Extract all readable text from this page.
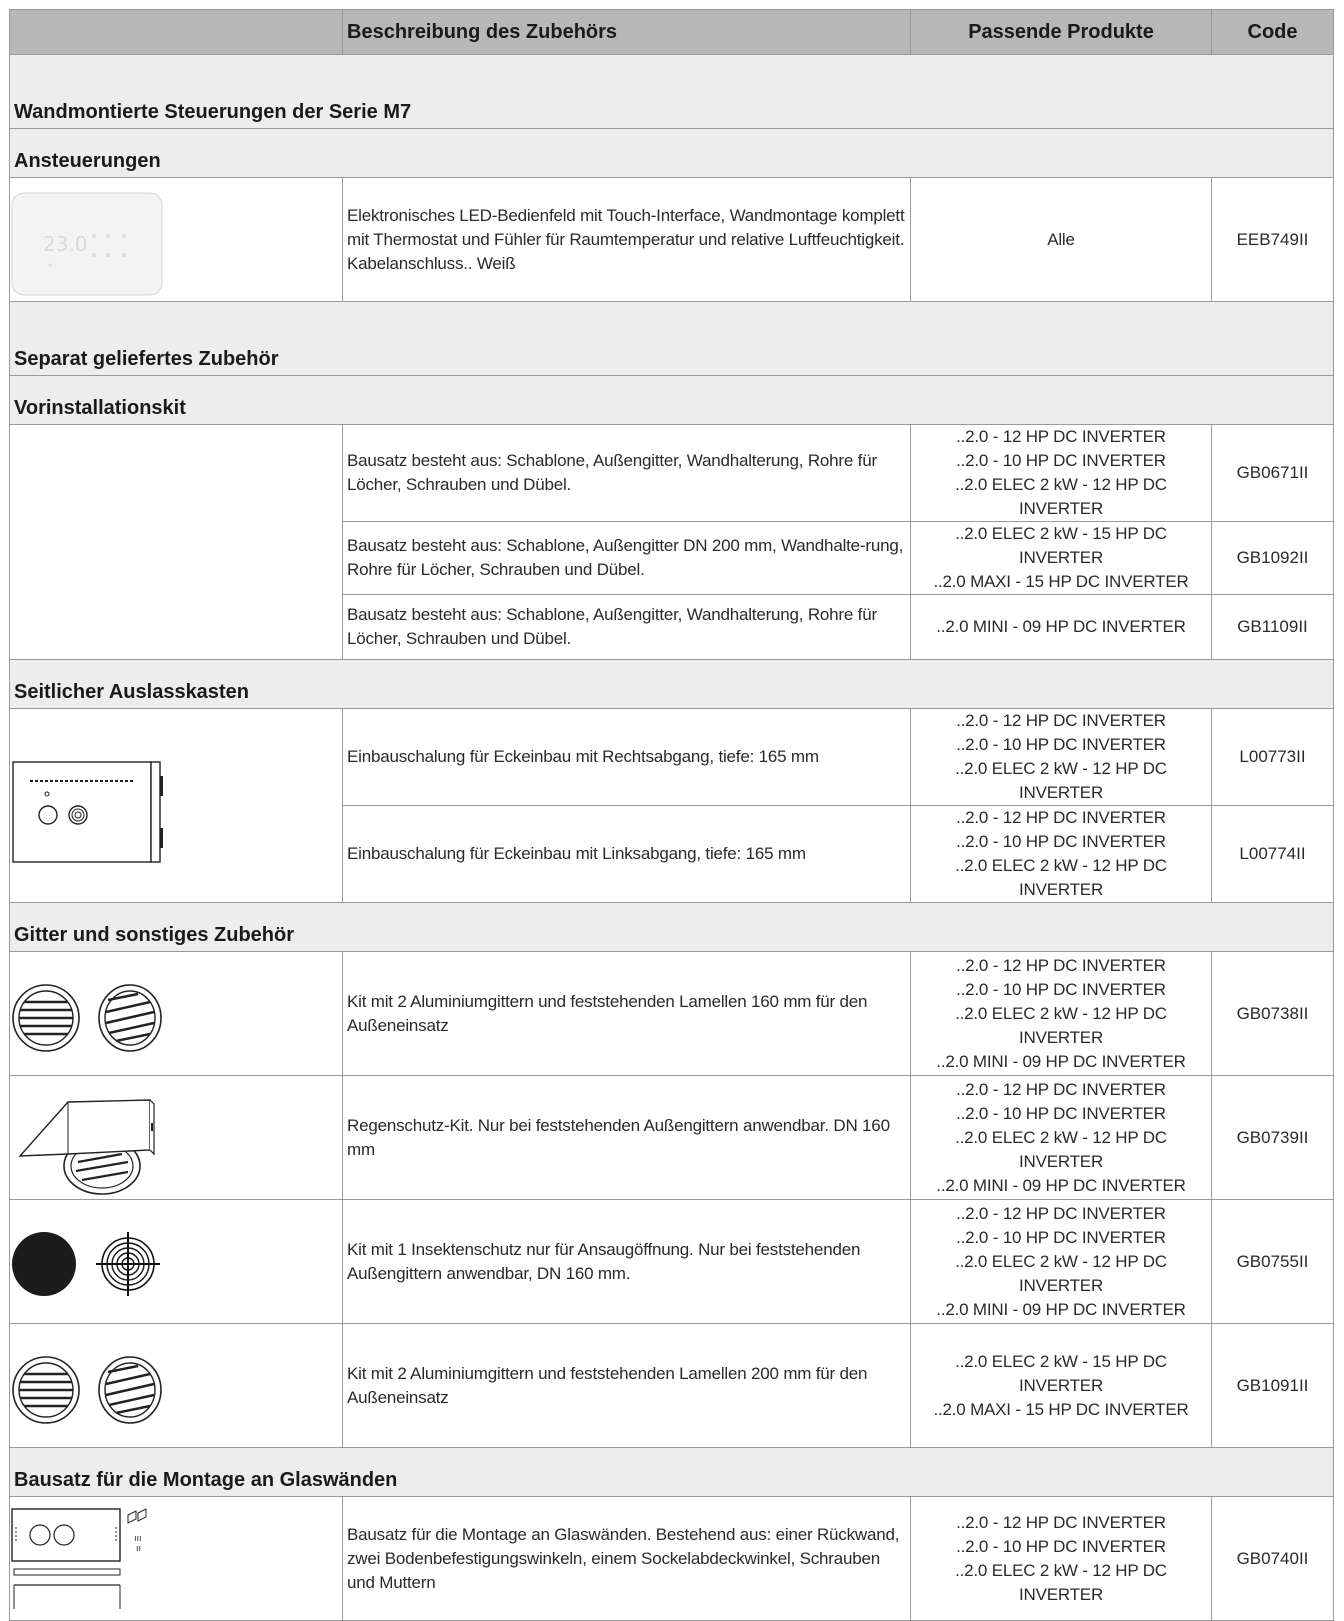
	Beschreibung des Zubehörs	Passende Produkte	Code

Wandmontierte Steuerungen der Serie M7			
Ansteuerungen			

23.0	Elektronisches LED-Bedienfeld mit Touch-Interface, Wandmontage komplett mit Thermostat und Fühler für Raumtemperatur und relative Luftfeuchtigkeit. Kabelanschluss.. Weiß	Alle	EEB749II

Separat geliefertes Zubehör			
Vorinstallationskit			
	Bausatz besteht aus: Schablone, Außengitter, Wandhalterung, Rohre für Löcher, Schrauben und Dübel.	..2.0 - 12 HP DC INVERTER
..2.0 - 10 HP DC INVERTER
..2.0 ELEC 2 kW - 12 HP DC INVERTER	GB0671II
	Bausatz besteht aus: Schablone, Außengitter DN 200 mm, Wandhalte-rung, Rohre für Löcher, Schrauben und Dübel.	..2.0 ELEC 2 kW - 15 HP DC INVERTER
..2.0 MAXI - 15 HP DC INVERTER	GB1092II
	Bausatz besteht aus: Schablone, Außengitter, Wandhalterung, Rohre für Löcher, Schrauben und Dübel.	..2.0 MINI - 09 HP DC INVERTER	GB1109II
Seitlicher Auslasskasten			

	Einbauschalung für Eckeinbau mit Rechtsabgang, tiefe: 165 mm	..2.0 - 12 HP DC INVERTER
..2.0 - 10 HP DC INVERTER
..2.0 ELEC 2 kW - 12 HP DC INVERTER	L00773II
	Einbauschalung für Eckeinbau mit Linksabgang, tiefe: 165 mm	..2.0 - 12 HP DC INVERTER
..2.0 - 10 HP DC INVERTER
..2.0 ELEC 2 kW - 12 HP DC INVERTER	L00774II
Gitter und sonstiges Zubehör			

	Kit mit 2 Aluminiumgittern und feststehenden Lamellen 160 mm für den Außeneinsatz	..2.0 - 12 HP DC INVERTER
..2.0 - 10 HP DC INVERTER
..2.0 ELEC 2 kW - 12 HP DC INVERTER
..2.0 MINI - 09 HP DC INVERTER	GB0738II

	Regenschutz-Kit. Nur bei feststehenden Außengittern anwendbar. DN 160 mm	..2.0 - 12 HP DC INVERTER
..2.0 - 10 HP DC INVERTER
..2.0 ELEC 2 kW - 12 HP DC INVERTER
..2.0 MINI - 09 HP DC INVERTER	GB0739II

	Kit mit 1 Insektenschutz nur für Ansaugöffnung. Nur bei feststehenden Außengittern anwendbar, DN 160 mm.	..2.0 - 12 HP DC INVERTER
..2.0 - 10 HP DC INVERTER
..2.0 ELEC 2 kW - 12 HP DC INVERTER
..2.0 MINI - 09 HP DC INVERTER	GB0755II

	Kit mit 2 Aluminiumgittern und feststehenden Lamellen 200 mm für den Außeneinsatz	..2.0 ELEC 2 kW - 15 HP DC INVERTER
..2.0 MAXI - 15 HP DC INVERTER	GB1091II
Bausatz für die Montage an Glaswänden			

ııı
ıı	Bausatz für die Montage an Glaswänden. Bestehend aus: einer Rückwand, zwei Bodenbefestigungswinkeln, einem Sockelabdeckwinkel, Schrauben und Muttern	..2.0 - 12 HP DC INVERTER
..2.0 - 10 HP DC INVERTER
..2.0 ELEC 2 kW - 12 HP DC INVERTER	GB0740II
